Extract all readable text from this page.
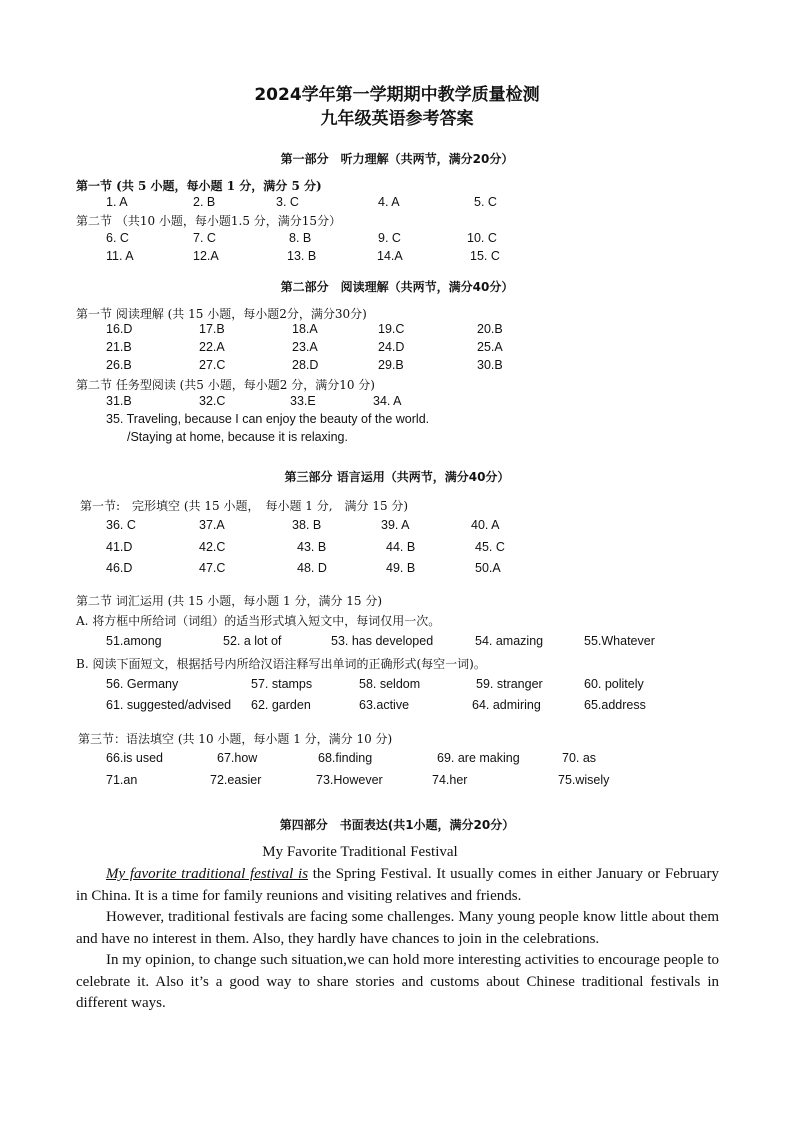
2024学年第一学期期中教学质量检测
九年级英语参考答案
第一部分　听力理解（共两节，满分20分）
第一节 (共 5 小题，每小题 1 分，满分 5 分)
1. A	2. B	3. C	4. A	5. C
第二节 （共10 小题，每小题1.5 分，满分15分）
6. C	7. C	8. B	9. C	10. C
11. A	12.A	13. B	14.A	15. C
第二部分　阅读理解（共两节，满分40分）
第一节 阅读理解 (共 15 小题，每小题2分，满分30分)
16.D	17.B	18.A	19.C	20.B
21.B	22.A	23.A	24.D	25.A
26.B	27.C	28.D	29.B	30.B
第二节 任务型阅读 (共5 小题，每小题2 分，满分10 分)
31.B	32.C	33.E	34. A
35. Traveling, because I can enjoy the beauty of the world.
/Staying at home, because it is relaxing.
第三部分 语言运用（共两节，满分40分）
第一节:　完形填空 (共 15 小题，　每小题 1 分,　满分 15 分)
36. C	37.A	38. B	39. A	40. A
41.D	42.C	43. B	44. B	45. C
46.D	47.C	48. D	49. B	50.A
第二节 词汇运用 (共 15 小题，每小题 1 分，满分 15 分)
A. 将方框中所给词（词组）的适当形式填入短文中，每词仅用一次。
51.among	52. a lot of	53. has developed	54. amazing	55.Whatever
B. 阅读下面短文，根据括号内所给汉语注释写出单词的正确形式(每空一词)。
56. Germany	57. stamps	58. seldom	59. stranger	60. politely
61. suggested/advised 62. garden	63.active	64. admiring	65.address
第三节：语法填空 (共 10 小题，每小题 1 分，满分 10 分)
66.is used	67.how	68.finding	69. are making	70. as
71.an	72.easier	73.However	74.her	75.wisely
第四部分　书面表达(共1小题，满分20分）
My Favorite Traditional Festival

My favorite traditional festival is the Spring Festival. It usually comes in either January or February in China. It is a time for family reunions and visiting relatives and friends.

However, traditional festivals are facing some challenges. Many young people know little about them and have no interest in them. Also, they hardly have chances to join in the celebrations.

In my opinion, to change such situation,we can hold more interesting activities to encourage people to celebrate it. Also it’s a good way to share stories and customs about Chinese traditional festivals in different ways.
